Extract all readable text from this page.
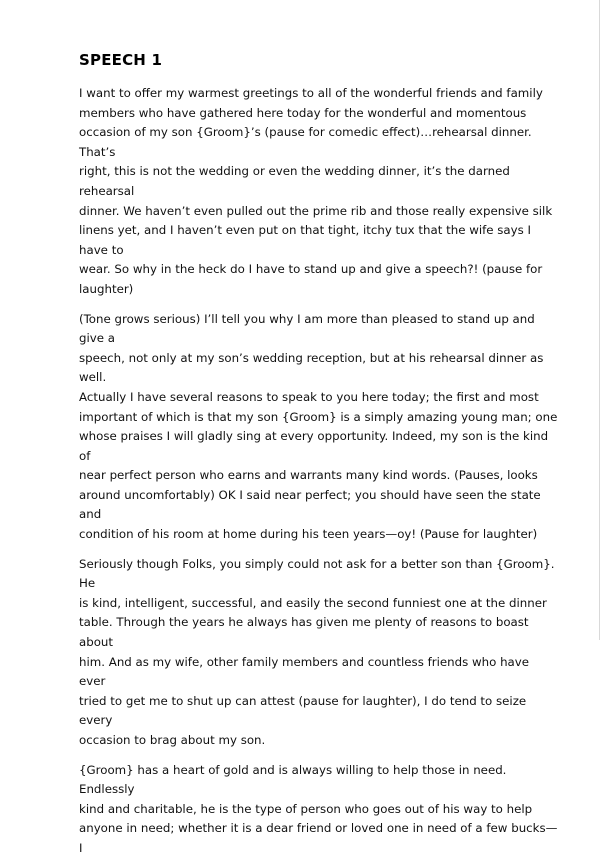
SPEECH 1

I want to offer my warmest greetings to all of the wonderful friends and family
members who have gathered here today for the wonderful and momentous
occasion of my son {Groom}’s (pause for comedic effect)…rehearsal dinner. That’s
right, this is not the wedding or even the wedding dinner, it’s the darned rehearsal
dinner. We haven’t even pulled out the prime rib and those really expensive silk
linens yet, and I haven’t even put on that tight, itchy tux that the wife says I have to
wear. So why in the heck do I have to stand up and give a speech?! (pause for
laughter)

(Tone grows serious) I’ll tell you why I am more than pleased to stand up and give a
speech, not only at my son’s wedding reception, but at his rehearsal dinner as well.
Actually I have several reasons to speak to you here today; the first and most
important of which is that my son {Groom} is a simply amazing young man; one
whose praises I will gladly sing at every opportunity. Indeed, my son is the kind of
near perfect person who earns and warrants many kind words. (Pauses, looks
around uncomfortably) OK I said near perfect; you should have seen the state and
condition of his room at home during his teen years—oy! (Pause for laughter)

Seriously though Folks, you simply could not ask for a better son than {Groom}. He
is kind, intelligent, successful, and easily the second funniest one at the dinner
table. Through the years he always has given me plenty of reasons to boast about
him. And as my wife, other family members and countless friends who have ever
tried to get me to shut up can attest (pause for laughter), I do tend to seize every
occasion to brag about my son.

{Groom} has a heart of gold and is always willing to help those in need. Endlessly
kind and charitable, he is the type of person who goes out of his way to help
anyone in need; whether it is a dear friend or loved one in need of a few bucks—I
